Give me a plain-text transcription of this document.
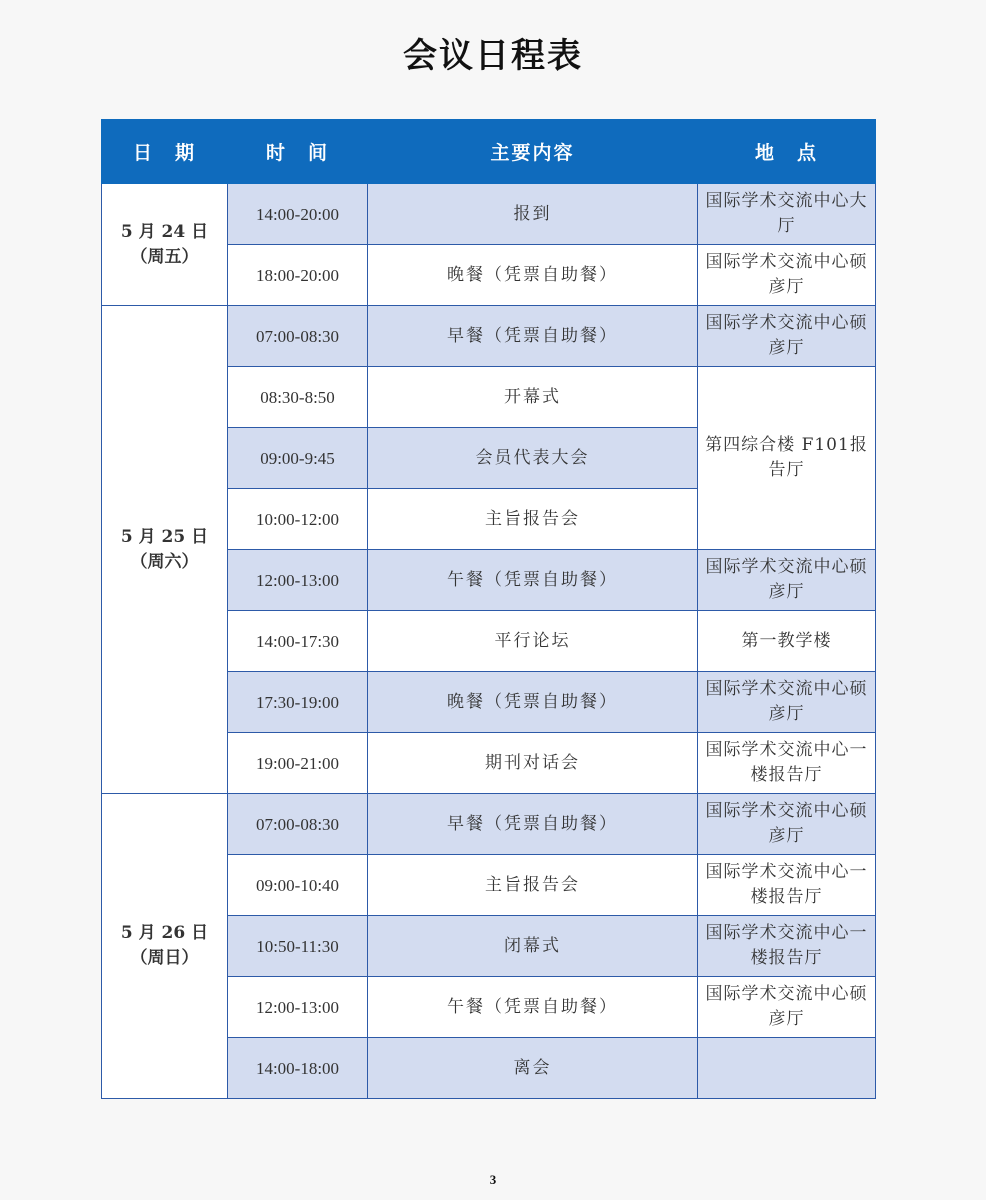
会议日程表
日　期	时　间	主要内容	地　点

5 月 24 日
（周五）	14:00-20:00	报到	国际学术交流中心大厅
	18:00-20:00	晚餐（凭票自助餐）	国际学术交流中心硕彦厅

5 月 25 日
（周六）	07:00-08:30	早餐（凭票自助餐）	国际学术交流中心硕彦厅
	08:30-8:50	开幕式	第四综合楼 F101报告厅
	09:00-9:45	会员代表大会	
	10:00-12:00	主旨报告会	
	12:00-13:00	午餐（凭票自助餐）	国际学术交流中心硕彦厅
	14:00-17:30	平行论坛	第一教学楼
	17:30-19:00	晚餐（凭票自助餐）	国际学术交流中心硕彦厅
	19:00-21:00	期刊对话会	国际学术交流中心一楼报告厅

5 月 26 日
（周日）	07:00-08:30	早餐（凭票自助餐）	国际学术交流中心硕彦厅
	09:00-10:40	主旨报告会	国际学术交流中心一楼报告厅
	10:50-11:30	闭幕式	国际学术交流中心一楼报告厅
	12:00-13:00	午餐（凭票自助餐）	国际学术交流中心硕彦厅
	14:00-18:00	离会	
3
